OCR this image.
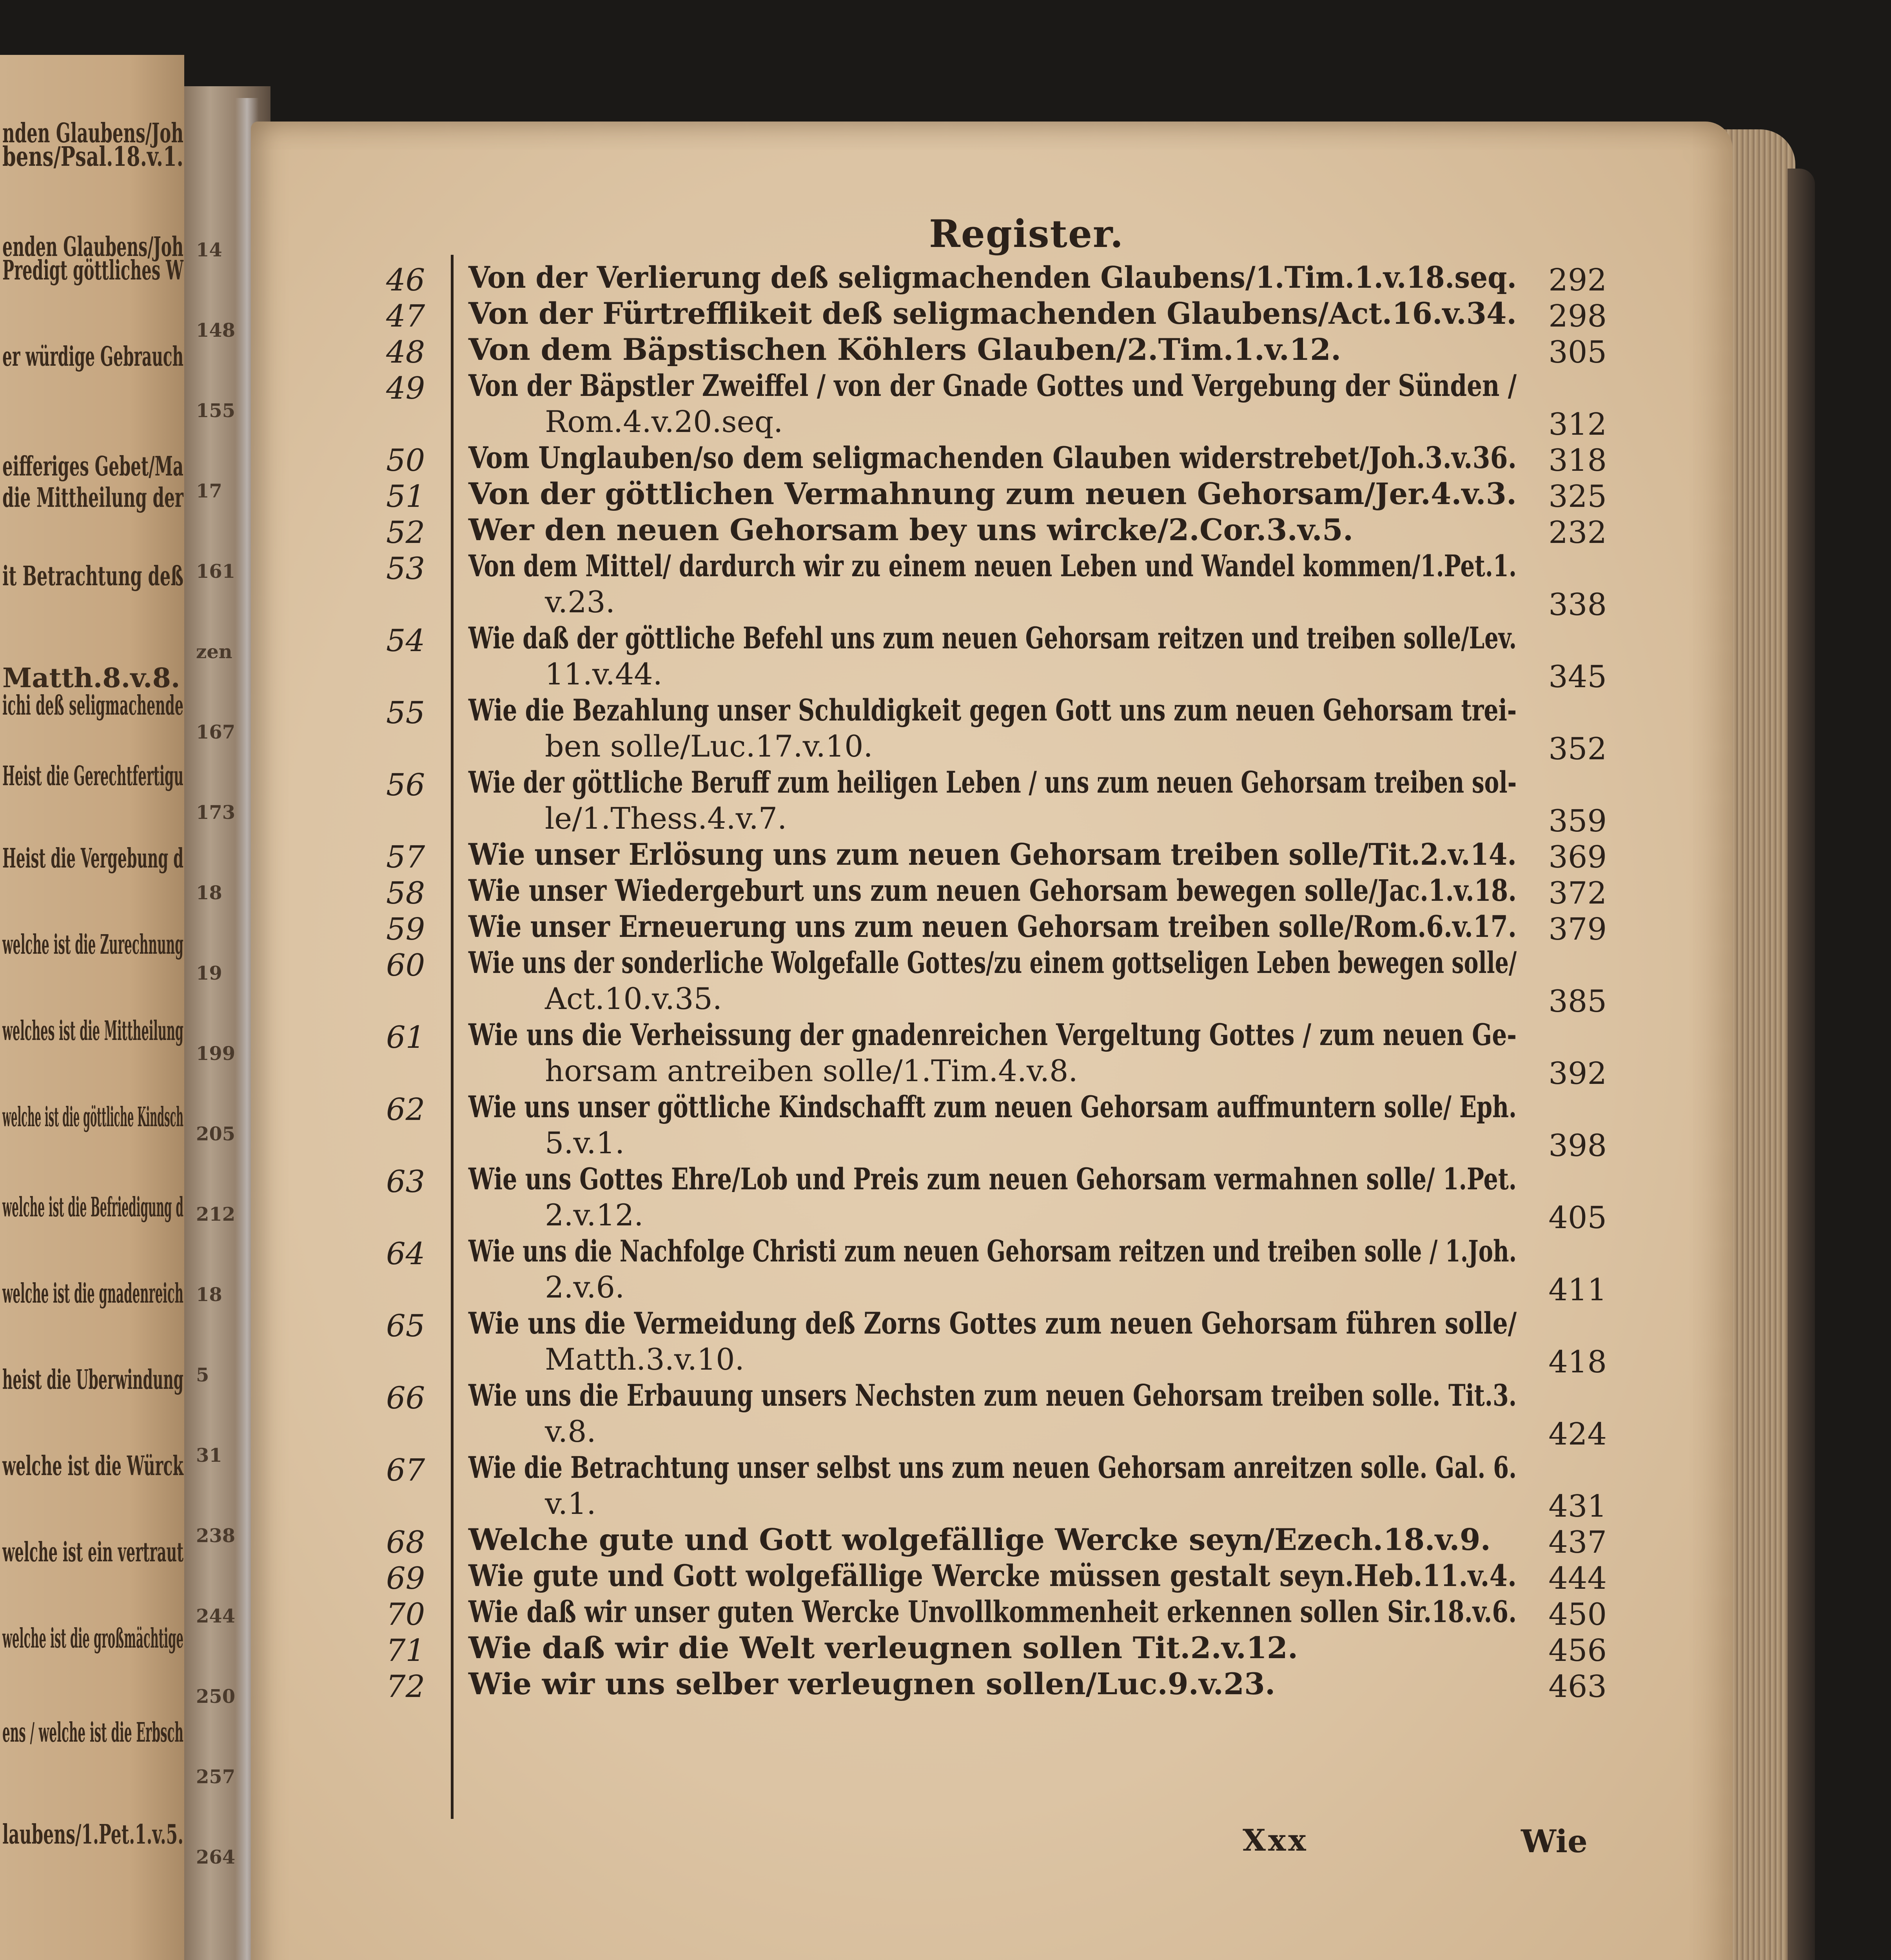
nden Glaubens/Joh
bens/Psal.18.v.1.
enden Glaubens/Joh
Predigt göttliches W
er würdige Gebrauch
eifferiges Gebet/Ma
die Mittheilung der
it Betrachtung deß
Matth.8.v.8.
ichi deß seligmachende
Heist die Gerechtfertigu
Heist die Vergebung d
welche ist die Zurechnung
welches ist die Mittheilung
welche ist die göttliche Kindsch
welche ist die Befriedigung d
welche ist die gnadenreich
heist die Uberwindung
welche ist die Würck
welche ist ein vertraut
welche ist die großmächtige
ens / welche ist die Erbsch
laubens/1.Pet.1.v.5.
14
148
155
17
161
zen
167
173
18
19
199
205
212
18
5
31
238
244
250
257
264
Register.
46 Von der Verlierung deß seligmachenden Glaubens/1.Tim.1.v.18.seq. 292
47 Von der Fürtrefflikeit deß seligmachenden Glaubens/Act.16.v.34. 298
48 Von dem Bäpstischen Köhlers Glauben/2.Tim.1.v.12.	305
49 Von der Bäpstler Zweiffel / von der Gnade Gottes und Vergebung der Sünden /
Rom.4.v.20.seq.	312
50 Vom Unglauben/so dem seligmachenden Glauben widerstrebet/Joh.3.v.36. 318
51 Von der göttlichen Vermahnung zum neuen Gehorsam/Jer.4.v.3. 325
52 Wer den neuen Gehorsam bey uns wircke/2.Cor.3.v.5.	232
53 Von dem Mittel/ dardurch wir zu einem neuen Leben und Wandel kommen/1.Pet.1.
v.23.	338
54 Wie daß der göttliche Befehl uns zum neuen Gehorsam reitzen und treiben solle/Lev.
11.v.44.	345
55 Wie die Bezahlung unser Schuldigkeit gegen Gott uns zum neuen Gehorsam trei-
ben solle/Luc.17.v.10.	352
56 Wie der göttliche Beruff zum heiligen Leben / uns zum neuen Gehorsam treiben sol-
le/1.Thess.4.v.7.	359
57 Wie unser Erlösung uns zum neuen Gehorsam treiben solle/Tit.2.v.14. 369
58 Wie unser Wiedergeburt uns zum neuen Gehorsam bewegen solle/Jac.1.v.18. 372
59 Wie unser Erneuerung uns zum neuen Gehorsam treiben solle/Rom.6.v.17. 379
60 Wie uns der sonderliche Wolgefalle Gottes/zu einem gottseligen Leben bewegen solle/
Act.10.v.35.	385
61 Wie uns die Verheissung der gnadenreichen Vergeltung Gottes / zum neuen Ge-
horsam antreiben solle/1.Tim.4.v.8.	392
62 Wie uns unser göttliche Kindschafft zum neuen Gehorsam auffmuntern solle/ Eph.
5.v.1.	398
63 Wie uns Gottes Ehre/Lob und Preis zum neuen Gehorsam vermahnen solle/ 1.Pet.
2.v.12.	405
64 Wie uns die Nachfolge Christi zum neuen Gehorsam reitzen und treiben solle / 1.Joh.
2.v.6.	411
65 Wie uns die Vermeidung deß Zorns Gottes zum neuen Gehorsam führen solle/
Matth.3.v.10.	418
66 Wie uns die Erbauung unsers Nechsten zum neuen Gehorsam treiben solle. Tit.3.
v.8.	424
67 Wie die Betrachtung unser selbst uns zum neuen Gehorsam anreitzen solle. Gal. 6.
v.1.	431
68 Welche gute und Gott wolgefällige Wercke seyn/Ezech.18.v.9. 437
69 Wie gute und Gott wolgefällige Wercke müssen gestalt seyn.Heb.11.v.4. 444
70 Wie daß wir unser guten Wercke Unvollkommenheit erkennen sollen Sir.18.v.6. 450
71 Wie daß wir die Welt verleugnen sollen Tit.2.v.12.	456
72 Wie wir uns selber verleugnen sollen/Luc.9.v.23.	463
Xxx	Wie
